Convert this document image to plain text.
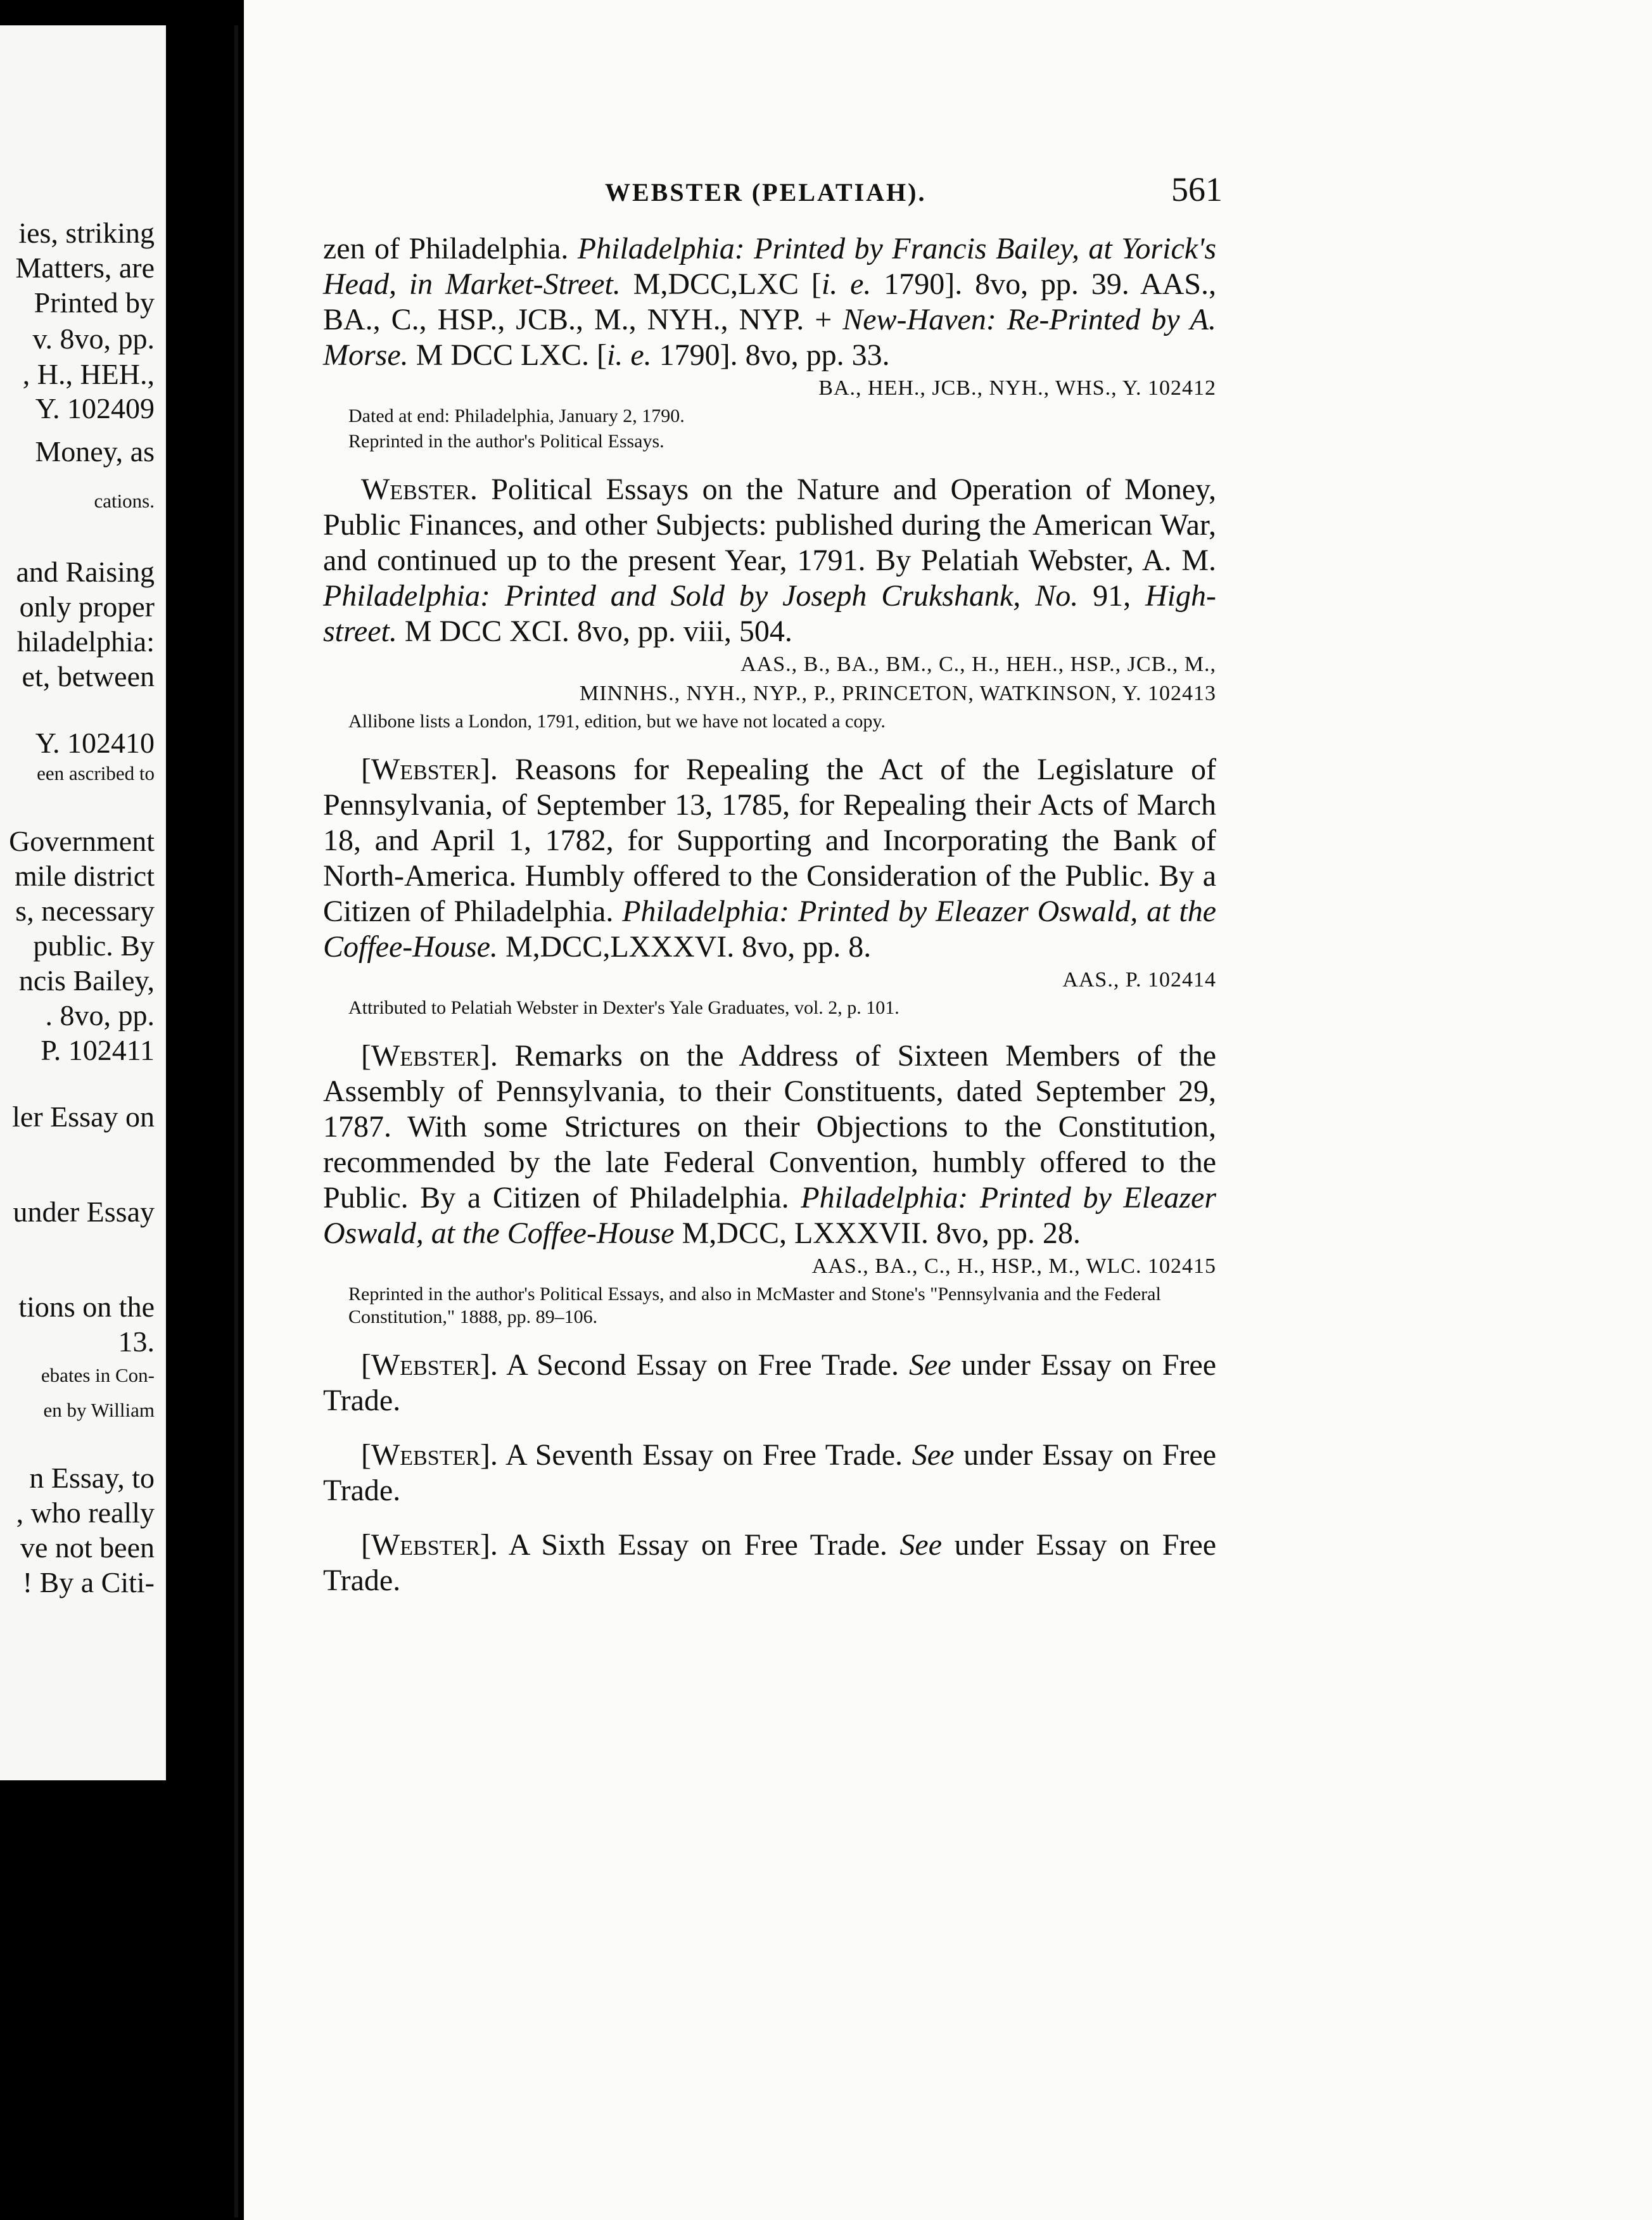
ies, striking
Matters, are
Printed by
v. 8vo, pp.
, H., HEH.,
Y. 102409
Money, as
cations.
and Raising
only proper
hiladelphia:
et, between
Y. 102410
een ascribed to
Government
mile district
s, necessary
public. By
ncis Bailey,
. 8vo, pp.
P. 102411
ler Essay on
under Essay
tions on the
13.
ebates in Con-
en by William
n Essay, to
, who really
ve not been
! By a Citi-
WEBSTER (PELATIAH).	561

zen of Philadelphia. Philadelphia: Printed by Francis Bailey, at Yorick's Head, in Market-Street. M,DCC,LXC [i. e. 1790]. 8vo, pp. 39. AAS., BA., C., HSP., JCB., M., NYH., NYP. + New-Haven: Re-Printed by A. Morse. M DCC LXC. [i. e. 1790]. 8vo, pp. 33.

BA., HEH., JCB., NYH., WHS., Y. 102412
Dated at end: Philadelphia, January 2, 1790.
Reprinted in the author's Political Essays.

Webster. Political Essays on the Nature and Operation of Money, Public Finances, and other Subjects: published during the American War, and continued up to the present Year, 1791. By Pelatiah Webster, A. M. Philadelphia: Printed and Sold by Joseph Crukshank, No. 91, High-street. M DCC XCI. 8vo, pp. viii, 504.

AAS., B., BA., BM., C., H., HEH., HSP., JCB., M.,
MINNHS., NYH., NYP., P., PRINCETON, WATKINSON, Y. 102413
Allibone lists a London, 1791, edition, but we have not located a copy.

[Webster]. Reasons for Repealing the Act of the Legislature of Pennsylvania, of September 13, 1785, for Repealing their Acts of March 18, and April 1, 1782, for Supporting and Incorporating the Bank of North-America. Humbly offered to the Consideration of the Public. By a Citizen of Philadelphia. Philadelphia: Printed by Eleazer Oswald, at the Coffee-House. M,DCC,LXXXVI. 8vo, pp. 8.

AAS., P. 102414
Attributed to Pelatiah Webster in Dexter's Yale Graduates, vol. 2, p. 101.

[Webster]. Remarks on the Address of Sixteen Members of the Assembly of Pennsylvania, to their Constituents, dated September 29, 1787. With some Strictures on their Objections to the Constitution, recommended by the late Federal Convention, humbly offered to the Public. By a Citizen of Philadelphia. Philadelphia: Printed by Eleazer Oswald, at the Coffee-House M,DCC, LXXXVII. 8vo, pp. 28.

AAS., BA., C., H., HSP., M., WLC. 102415
Reprinted in the author's Political Essays, and also in McMaster and Stone's "Pennsylvania and the Federal Constitution," 1888, pp. 89–106.

[Webster]. A Second Essay on Free Trade. See under Essay on Free Trade.

[Webster]. A Seventh Essay on Free Trade. See under Essay on Free Trade.

[Webster]. A Sixth Essay on Free Trade. See under Essay on Free Trade.
